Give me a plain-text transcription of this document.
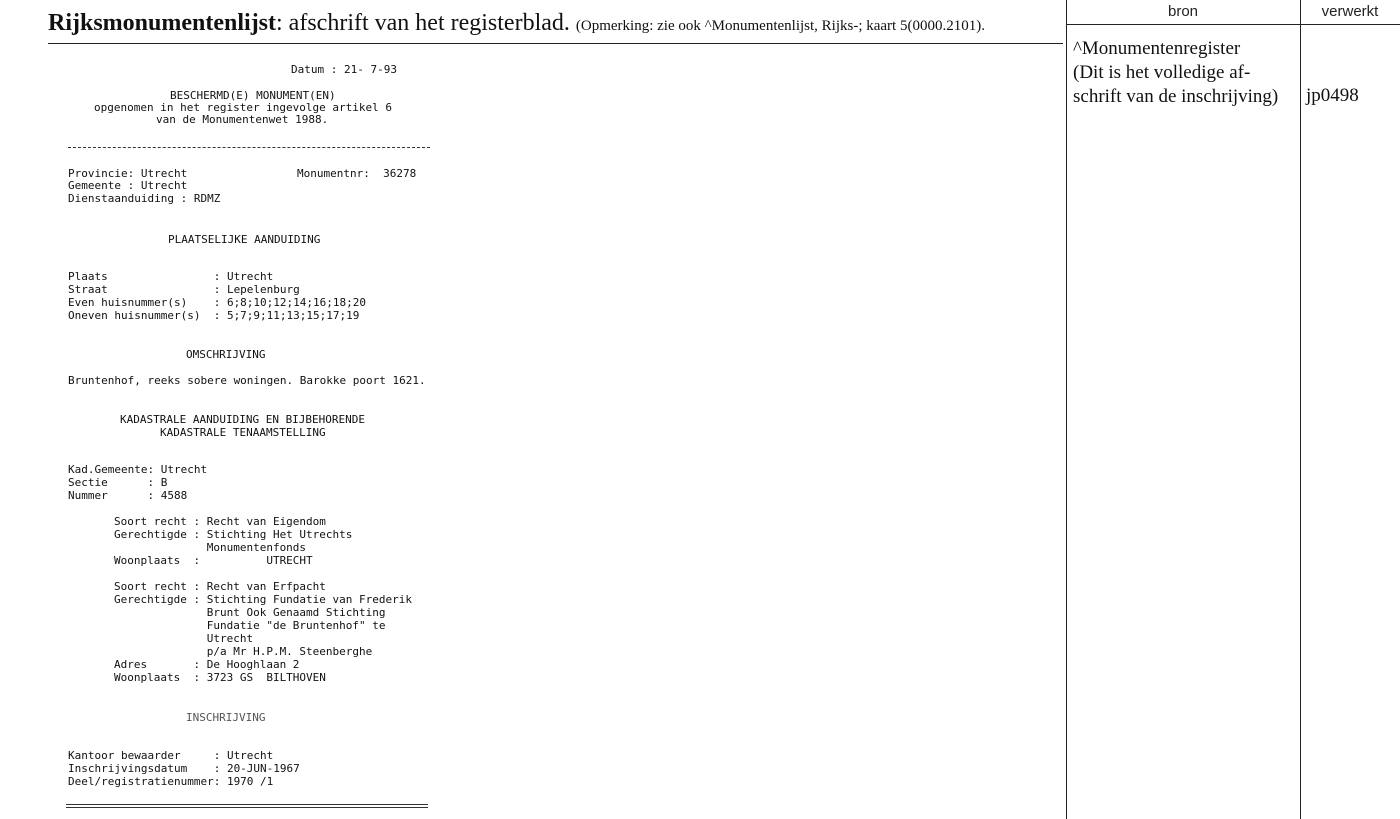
Rijksmonumentenlijst: afschrift van het registerblad. (Opmerking: zie ook ^Monumentenlijst, Rijks-; kaart 5(0000.2101).
bron	verwerkt
^Monumentenregister
(Dit is het volledige af-
schrift van de inschrijving)	jp0498
Datum : 21- 7-93
BESCHERMD(E) MONUMENT(EN)
opgenomen in het register ingevolge artikel 6
van de Monumentenwet 1988.
Provincie: Utrecht	Monumentnr:  36278
Gemeente : Utrecht
Dienstaanduiding : RDMZ
PLAATSELIJKE AANDUIDING
Plaats                : Utrecht
Straat                : Lepelenburg
Even huisnummer(s)    : 6;8;10;12;14;16;18;20
Oneven huisnummer(s)  : 5;7;9;11;13;15;17;19
OMSCHRIJVING
Bruntenhof, reeks sobere woningen. Barokke poort 1621.
KADASTRALE AANDUIDING EN BIJBEHORENDE
KADASTRALE TENAAMSTELLING
Kad.Gemeente: Utrecht
Sectie      : B
Nummer      : 4588
Soort recht : Recht van Eigendom
Gerechtigde : Stichting Het Utrechts
Monumentenfonds
Woonplaats  :          UTRECHT
Soort recht : Recht van Erfpacht
Gerechtigde : Stichting Fundatie van Frederik
Brunt Ook Genaamd Stichting
Fundatie "de Bruntenhof" te
Utrecht
p/a Mr H.P.M. Steenberghe
Adres       : De Hooghlaan 2
Woonplaats  : 3723 GS  BILTHOVEN
INSCHRIJVING
Kantoor bewaarder     : Utrecht
Inschrijvingsdatum    : 20-JUN-1967
Deel/registratienummer: 1970 /1
